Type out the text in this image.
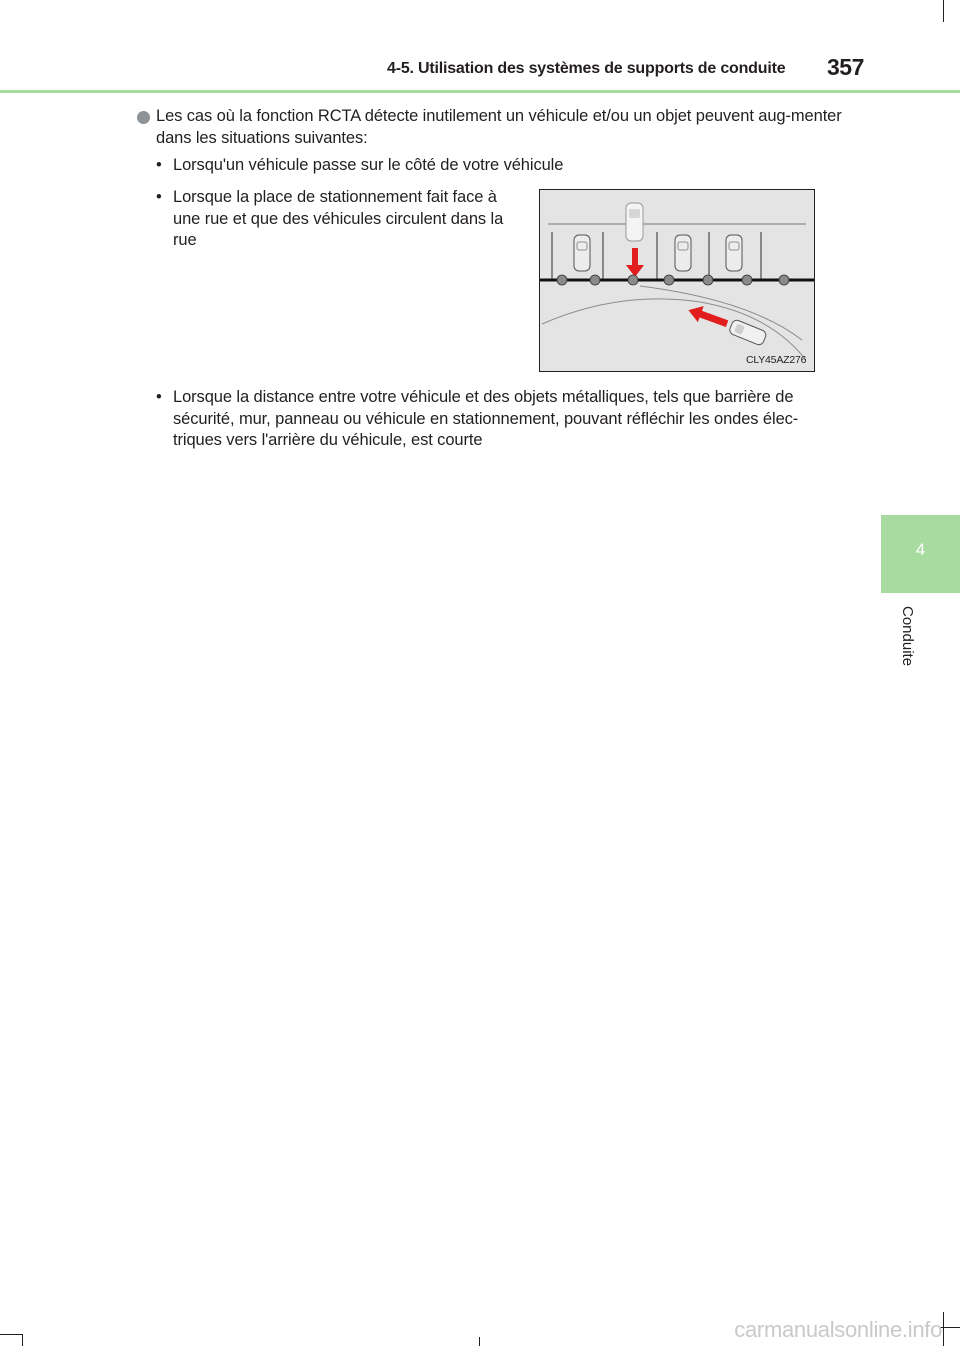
4-5. Utilisation des systèmes de supports de conduite 357
4
Conduite
Les cas où la fonction RCTA détecte inutilement un véhicule et/ou un objet peuvent aug-menter dans les situations suivantes:
• Lorsqu'un véhicule passe sur le côté de votre véhicule
• Lorsque la place de stationnement fait face à une rue et que des véhicules circulent dans la rue
CLY45AZ276
• Lorsque la distance entre votre véhicule et des objets métalliques, tels que barrière de sécurité, mur, panneau ou véhicule en stationnement, pouvant réfléchir les ondes élec-triques vers l'arrière du véhicule, est courte
carmanualsonline.info
